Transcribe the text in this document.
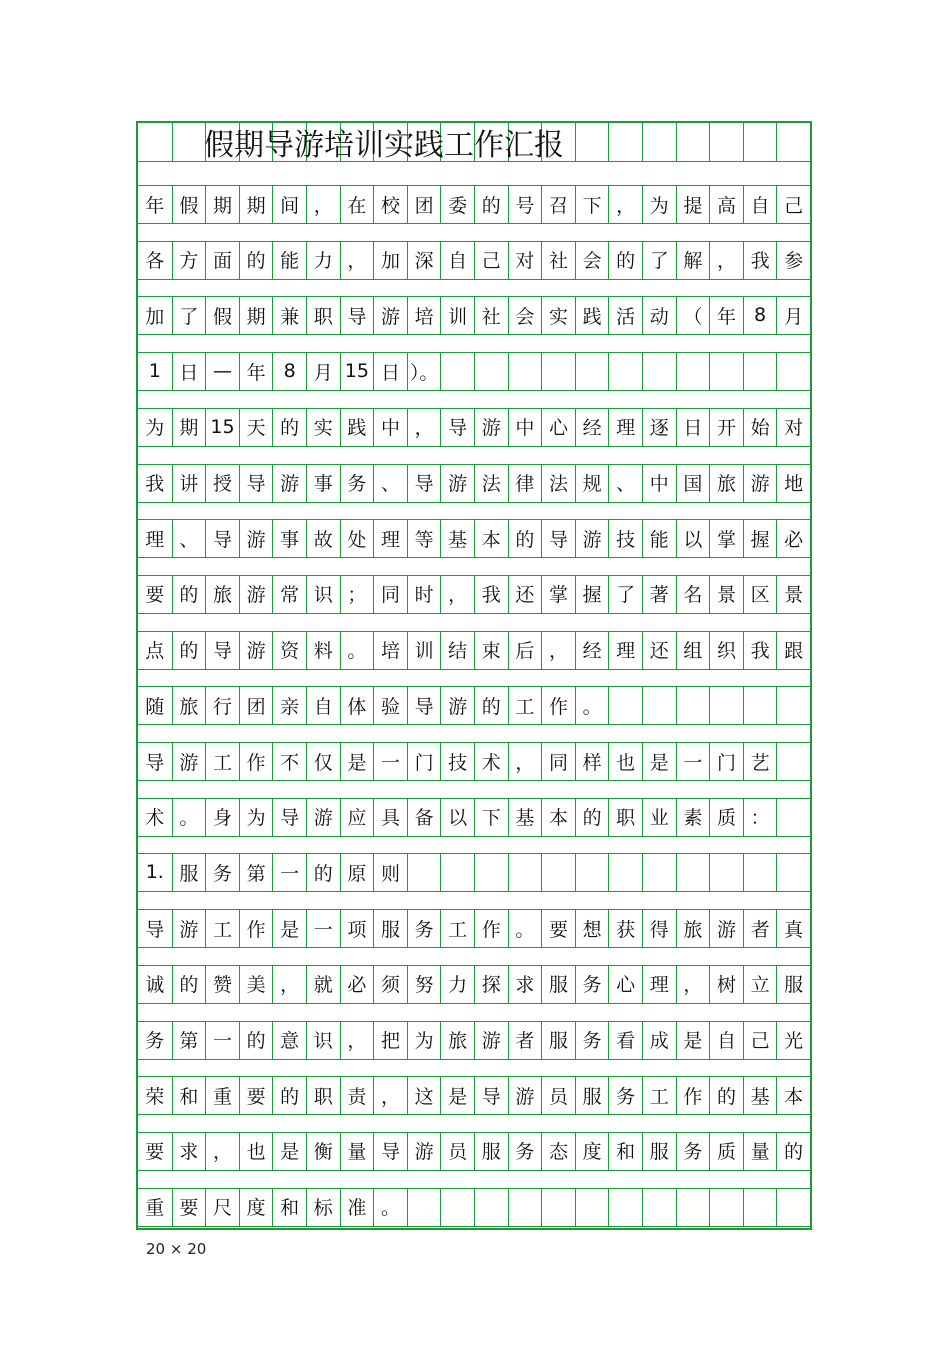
假期导游培训实践工作汇报
年 假 期 期 间 ， 在 校 团 委 的 号 召 下 ， 为 提 高 自 己
各 方 面 的 能 力 ， 加 深 自 己 对 社 会 的 了 解 ， 我 参
加 了 假 期 兼 职 导 游 培 训 社 会 实 践 活 动 （ 年 8 月
1 日 — 年 8 月 15 日 ）。
为 期 15 天 的 实 践 中 ， 导 游 中 心 经 理 逐 日 开 始 对
我 讲 授 导 游 事 务 、 导 游 法 律 法 规 、 中 国 旅 游 地
理 、 导 游 事 故 处 理 等 基 本 的 导 游 技 能 以 掌 握 必
要 的 旅 游 常 识 ； 同 时 ， 我 还 掌 握 了 著 名 景 区 景
点 的 导 游 资 料 。 培 训 结 束 后 ， 经 理 还 组 织 我 跟
随 旅 行 团 亲 自 体 验 导 游 的 工 作 。
导 游 工 作 不 仅 是 一 门 技 术 ， 同 样 也 是 一 门 艺
术 。 身 为 导 游 应 具 备 以 下 基 本 的 职 业 素 质 ：
1. 服 务 第 一 的 原 则
导 游 工 作 是 一 项 服 务 工 作 。 要 想 获 得 旅 游 者 真
诚 的 赞 美 ， 就 必 须 努 力 探 求 服 务 心 理 ， 树 立 服
务 第 一 的 意 识 ， 把 为 旅 游 者 服 务 看 成 是 自 己 光
荣 和 重 要 的 职 责 ， 这 是 导 游 员 服 务 工 作 的 基 本
要 求 ， 也 是 衡 量 导 游 员 服 务 态 度 和 服 务 质 量 的
重 要 尺 度 和 标 准 。
20 × 20
